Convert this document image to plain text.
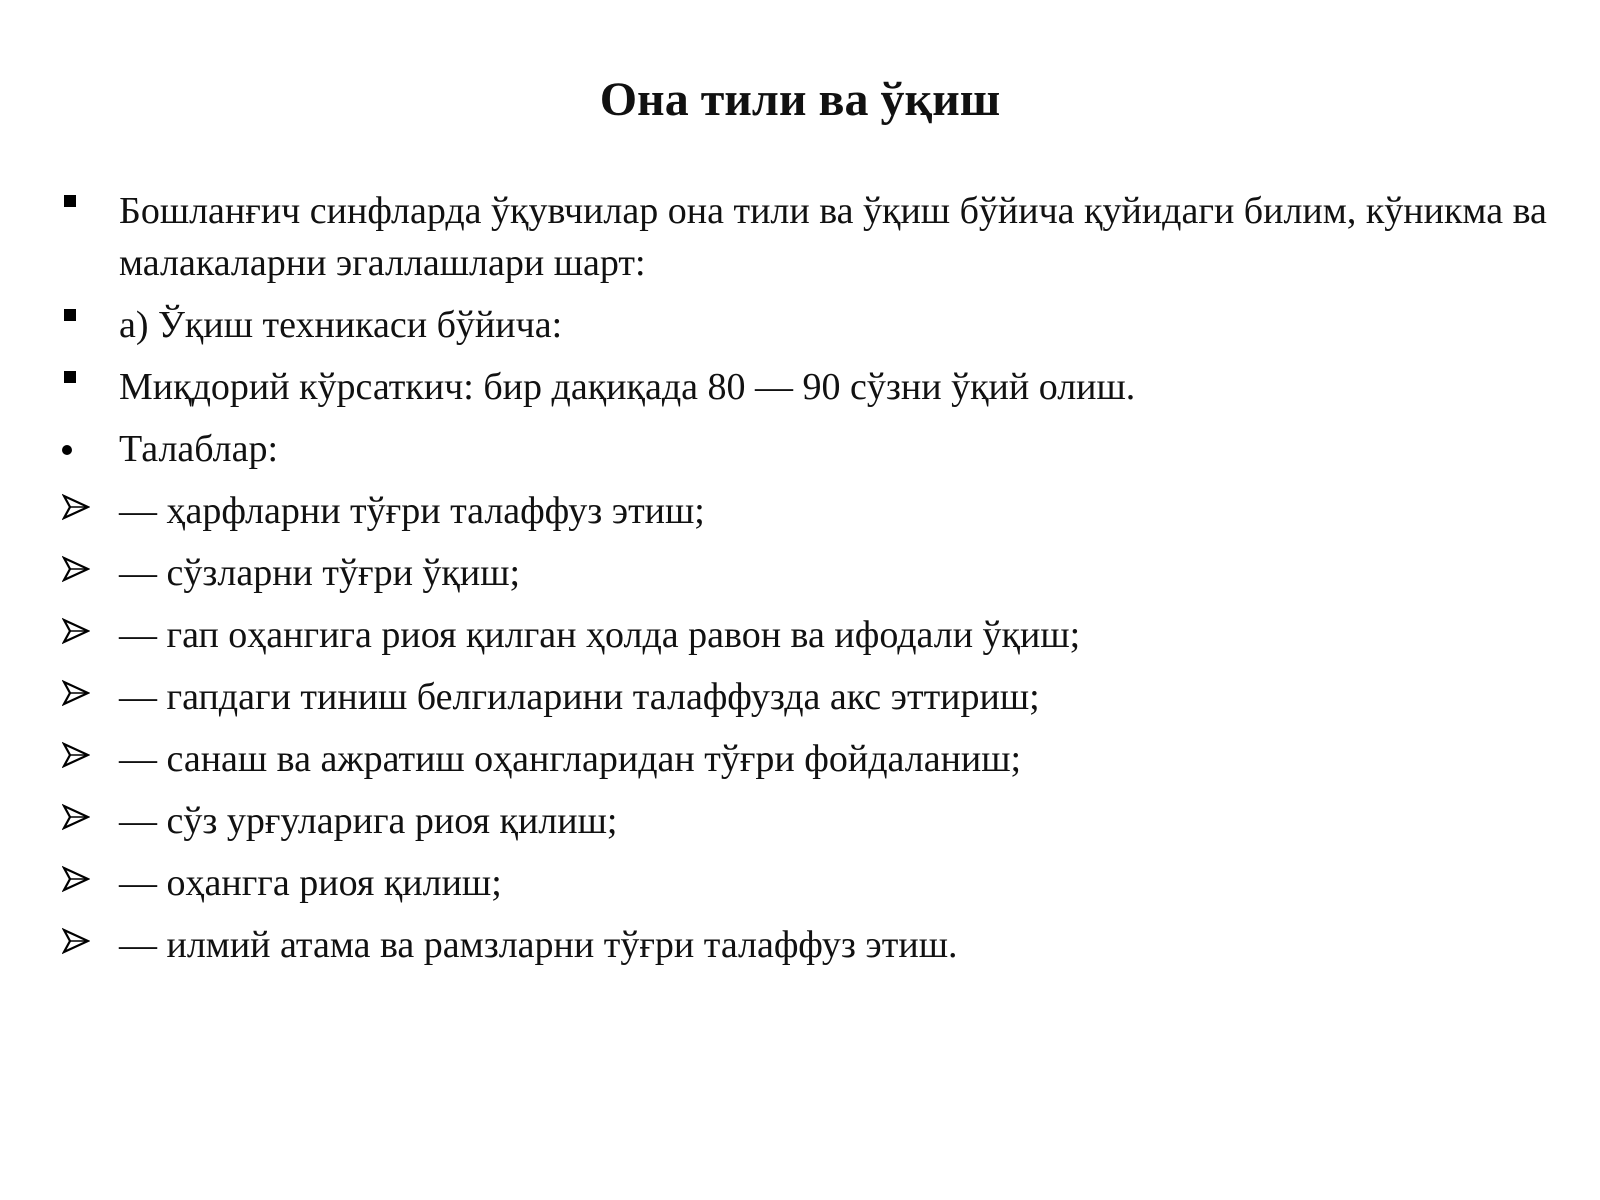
Она тили ва ўқиш
Бошланғич синфларда ўқувчилар она тили ва ўқиш бўйича қуйидаги билим, кўникма ва малакаларни эгаллашлари шарт:
а) Ўқиш техникаси бўйича:
Миқдорий кўрсаткич: бир дақиқада 80 — 90 сўзни ўқий олиш.
Талаблар:
— ҳарфларни тўғри талаффуз этиш;
— сўзларни тўғри ўқиш;
— гап оҳангига риоя қилган ҳолда равон ва ифодали ўқиш;
— гапдаги тиниш белгиларини талаффузда акс эттириш;
— санаш ва ажратиш оҳангларидан тўғри фойдаланиш;
— сўз урғуларига риоя қилиш;
— оҳангга риоя қилиш;
— илмий атама ва рамзларни тўғри талаффуз этиш.
